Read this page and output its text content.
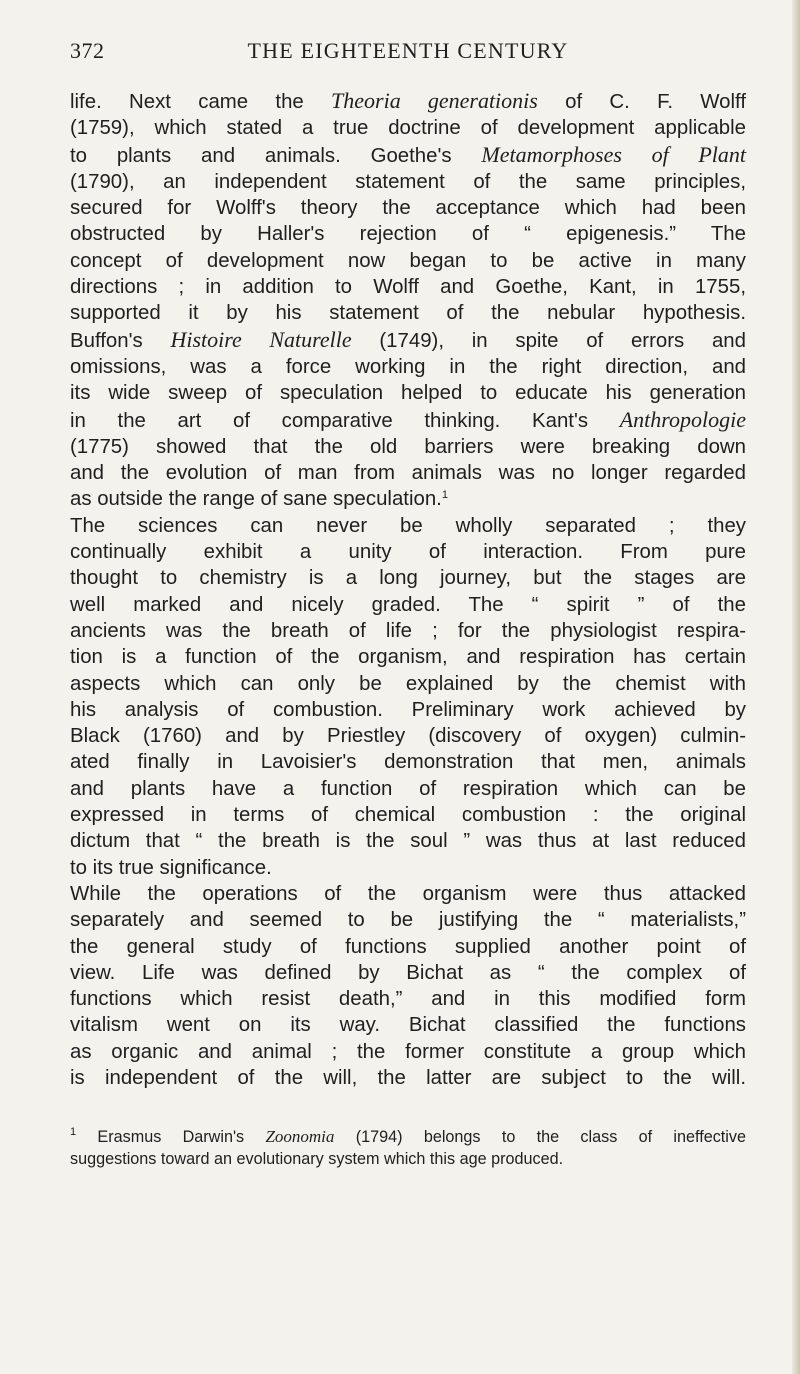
372	THE EIGHTEENTH CENTURY
life. Next came the Theoria generationis of C. F. Wolff
(1759), which stated a true doctrine of development applicable
to plants and animals. Goethe's Metamorphoses of Plant
(1790), an independent statement of the same principles,
secured for Wolff's theory the acceptance which had been
obstructed by Haller's rejection of “ epigenesis.” The
concept of development now began to be active in many
directions ; in addition to Wolff and Goethe, Kant, in 1755,
supported it by his statement of the nebular hypothesis.
Buffon's Histoire Naturelle (1749), in spite of errors and
omissions, was a force working in the right direction, and
its wide sweep of speculation helped to educate his generation
in the art of comparative thinking. Kant's Anthropologie
(1775) showed that the old barriers were breaking down
and the evolution of man from animals was no longer regarded
as outside the range of sane speculation.$^1$
The sciences can never be wholly separated ; they
continually exhibit a unity of interaction. From pure
thought to chemistry is a long journey, but the stages are
well marked and nicely graded. The “ spirit ” of the
ancients was the breath of life ; for the physiologist respira-
tion is a function of the organism, and respiration has certain
aspects which can only be explained by the chemist with
his analysis of combustion. Preliminary work achieved by
Black (1760) and by Priestley (discovery of oxygen) culmin-
ated finally in Lavoisier's demonstration that men, animals
and plants have a function of respiration which can be
expressed in terms of chemical combustion : the original
dictum that “ the breath is the soul ” was thus at last reduced
to its true significance.
While the operations of the organism were thus attacked
separately and seemed to be justifying the “ materialists,”
the general study of functions supplied another point of
view. Life was defined by Bichat as “ the complex of
functions which resist death,” and in this modified form
vitalism went on its way. Bichat classified the functions
as organic and animal ; the former constitute a group which
is independent of the will, the latter are subject to the will.
$^1$ Erasmus Darwin's Zoonomia (1794) belongs to the class of ineffective
suggestions toward an evolutionary system which this age produced.
